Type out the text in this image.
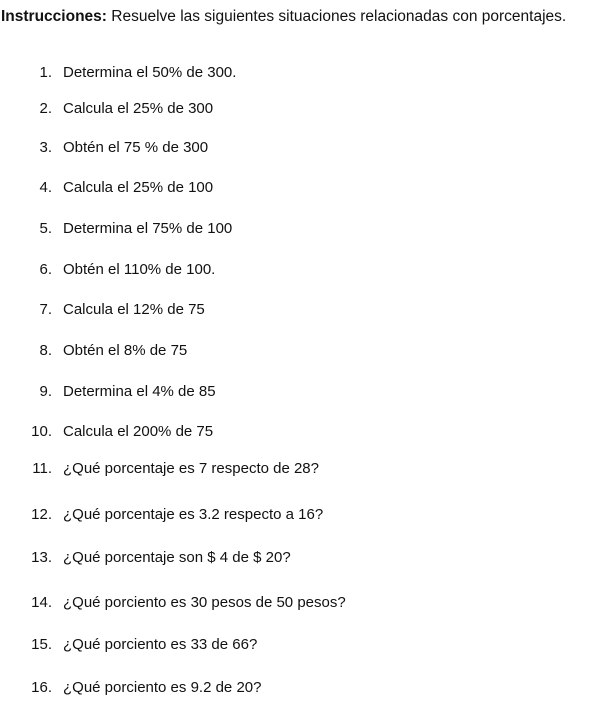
Instrucciones: Resuelve las siguientes situaciones relacionadas con porcentajes.
1. Determina el 50% de 300.
2. Calcula el 25% de 300
3. Obtén el 75 % de 300
4. Calcula el 25% de 100
5. Determina el 75% de 100
6. Obtén el 110% de 100.
7. Calcula el 12% de 75
8. Obtén el 8% de 75
9. Determina el 4% de 85
10. Calcula el 200% de 75
11. ¿Qué porcentaje es 7 respecto de 28?
12. ¿Qué porcentaje es 3.2 respecto a 16?
13. ¿Qué porcentaje son $ 4 de $ 20?
14. ¿Qué porciento es 30 pesos de 50 pesos?
15. ¿Qué porciento es 33 de 66?
16. ¿Qué porciento es 9.2 de 20?
